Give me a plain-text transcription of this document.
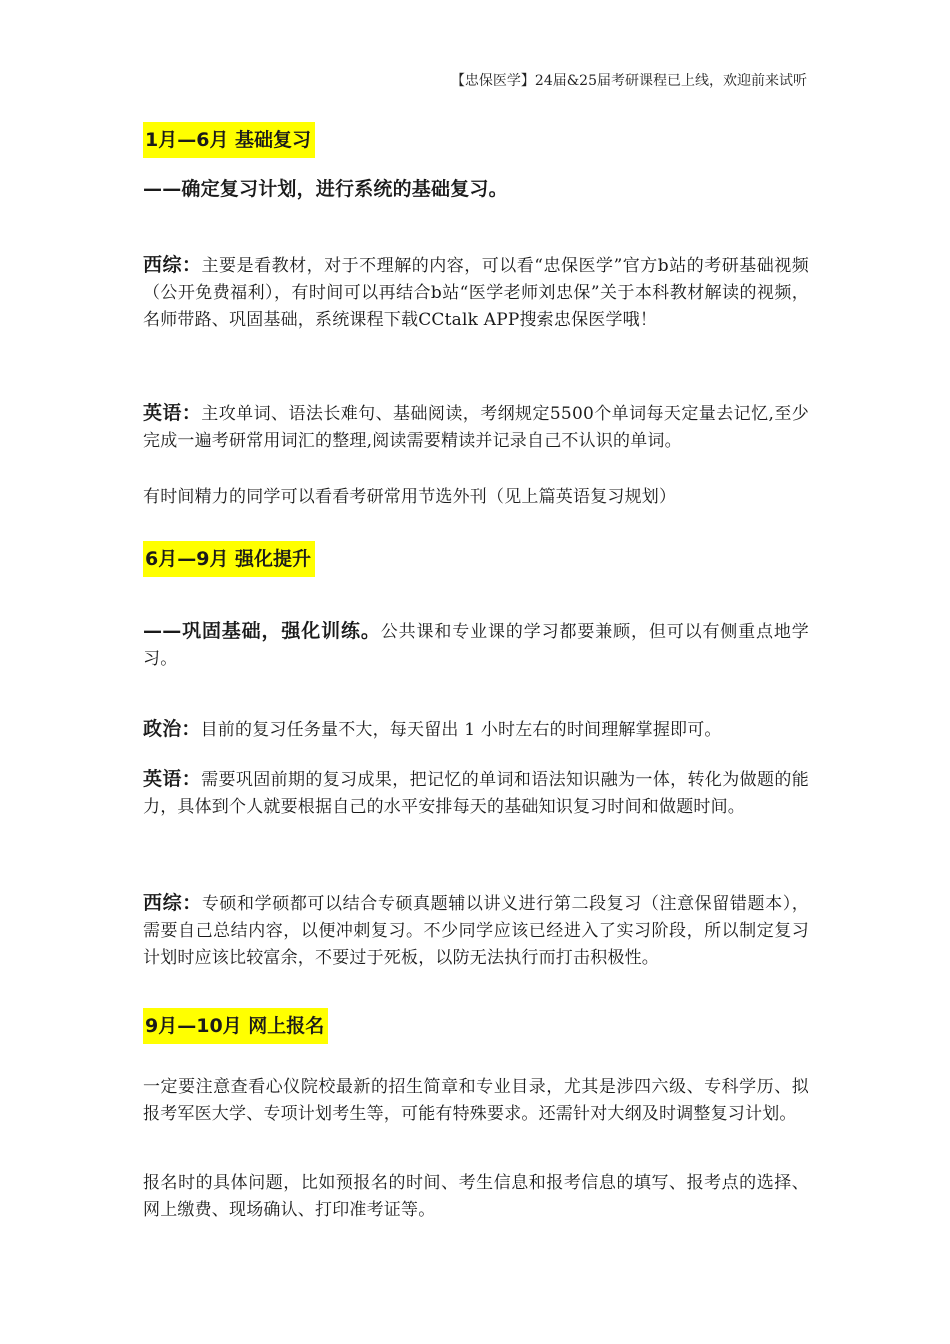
【忠保医学】24届&25届考研课程已上线，欢迎前来试听
1月—6月 基础复习

——确定复习计划，进行系统的基础复习。

西综：主要是看教材，对于不理解的内容，可以看“忠保医学”官方b站的考研基础视频（公开免费福利），有时间可以再结合b站“医学老师刘忠保”关于本科教材解读的视频，名师带路、巩固基础，系统课程下载CCtalk APP搜索忠保医学哦！

英语：主攻单词、语法长难句、基础阅读，考纲规定5500个单词每天定量去记忆,至少完成一遍考研常用词汇的整理,阅读需要精读并记录自己不认识的单词。

有时间精力的同学可以看看考研常用节选外刊（见上篇英语复习规划）

6月—9月 强化提升

——巩固基础，强化训练。公共课和专业课的学习都要兼顾，但可以有侧重点地学习。

政治：目前的复习任务量不大，每天留出 1 小时左右的时间理解掌握即可。

英语：需要巩固前期的复习成果，把记忆的单词和语法知识融为一体，转化为做题的能力，具体到个人就要根据自己的水平安排每天的基础知识复习时间和做题时间。

西综：专硕和学硕都可以结合专硕真题辅以讲义进行第二段复习（注意保留错题本），需要自己总结内容，以便冲刺复习。不少同学应该已经进入了实习阶段，所以制定复习计划时应该比较富余，不要过于死板，以防无法执行而打击积极性。

9月—10月 网上报名

一定要注意查看心仪院校最新的招生简章和专业目录，尤其是涉四六级、专科学历、拟报考军医大学、专项计划考生等，可能有特殊要求。还需针对大纲及时调整复习计划。

报名时的具体问题，比如预报名的时间、考生信息和报考信息的填写、报考点的选择、网上缴费、现场确认、打印准考证等。
